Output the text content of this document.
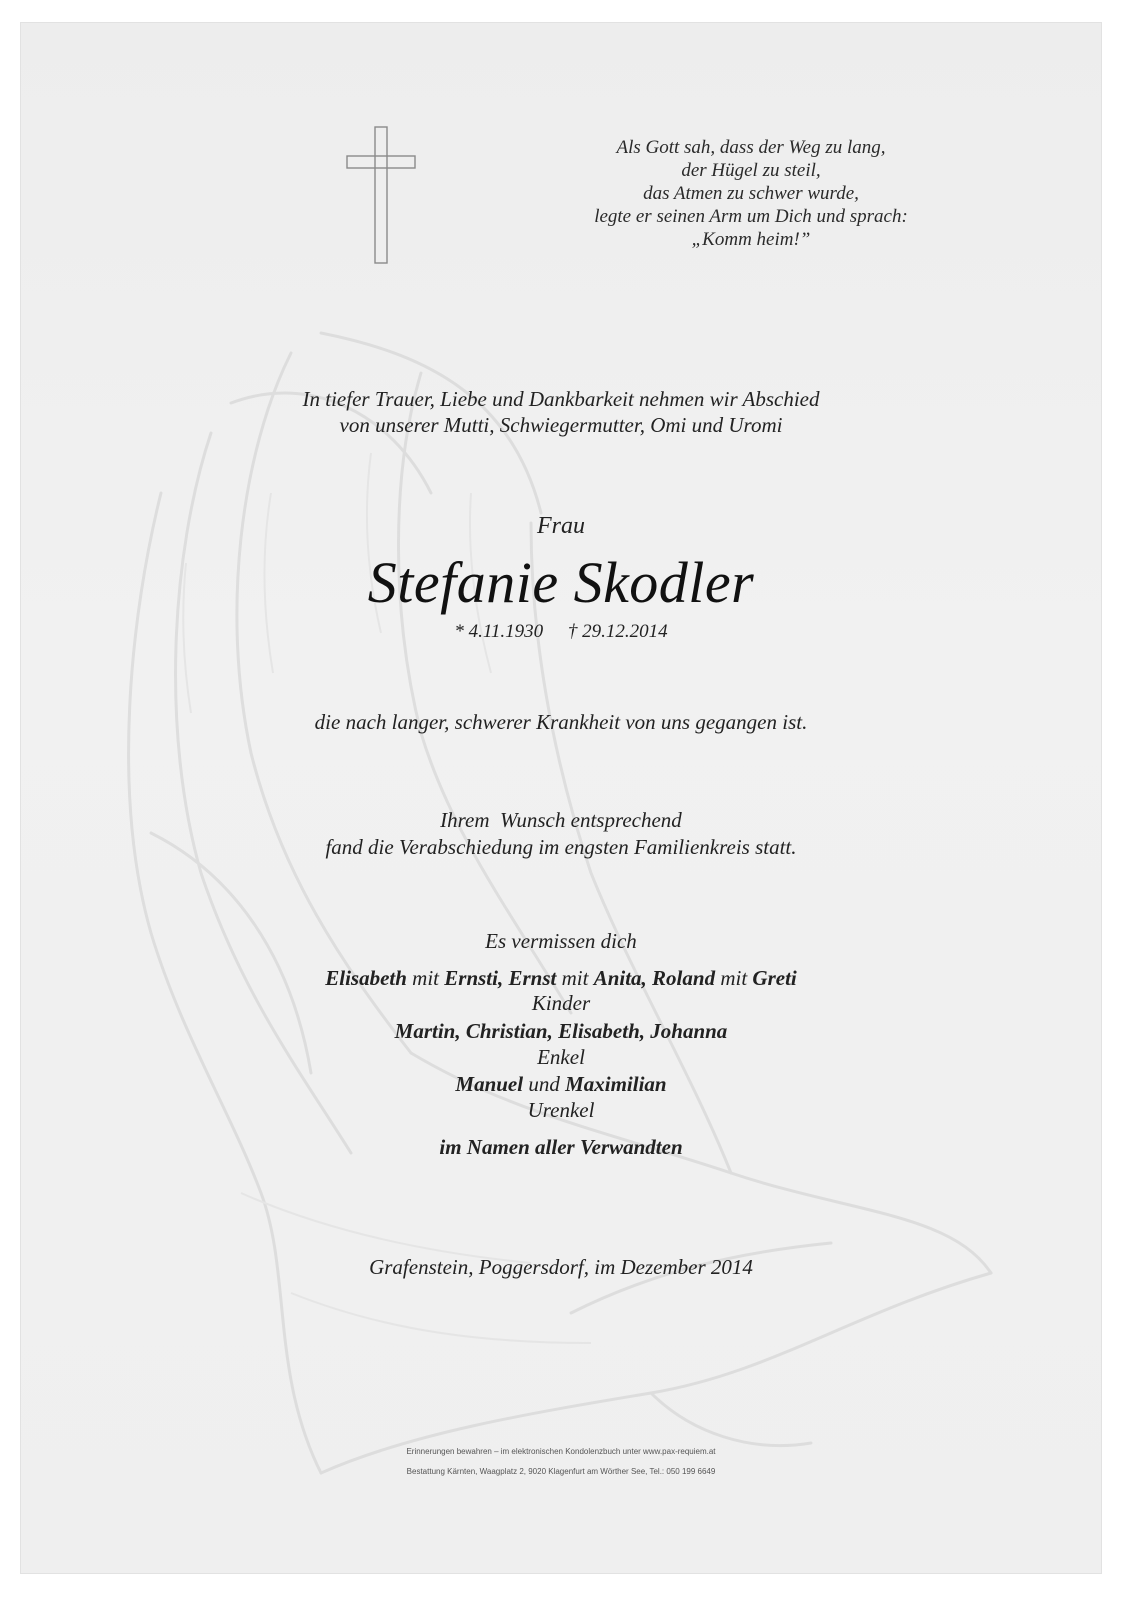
Als Gott sah, dass der Weg zu lang,
der Hügel zu steil,
das Atmen zu schwer wurde,
legte er seinen Arm um Dich und sprach:
„Komm heim!”
In tiefer Trauer, Liebe und Dankbarkeit nehmen wir Abschied
von unserer Mutti, Schwiegermutter, Omi und Uromi
Frau
Stefanie Skodler
* 4.11.1930 † 29.12.2014
die nach langer, schwerer Krankheit von uns gegangen ist.
Ihrem  Wunsch entsprechend
fand die Verabschiedung im engsten Familienkreis statt.
Es vermissen dich
Elisabeth mit Ernsti, Ernst mit Anita, Roland mit Greti
Kinder
Martin, Christian, Elisabeth, Johanna
Enkel
Manuel und Maximilian
Urenkel
im Namen aller Verwandten
Grafenstein, Poggersdorf, im Dezember 2014
Erinnerungen bewahren – im elektronischen Kondolenzbuch unter www.pax-requiem.at
Bestattung Kärnten, Waagplatz 2, 9020 Klagenfurt am Wörther See, Tel.: 050 199 6649
